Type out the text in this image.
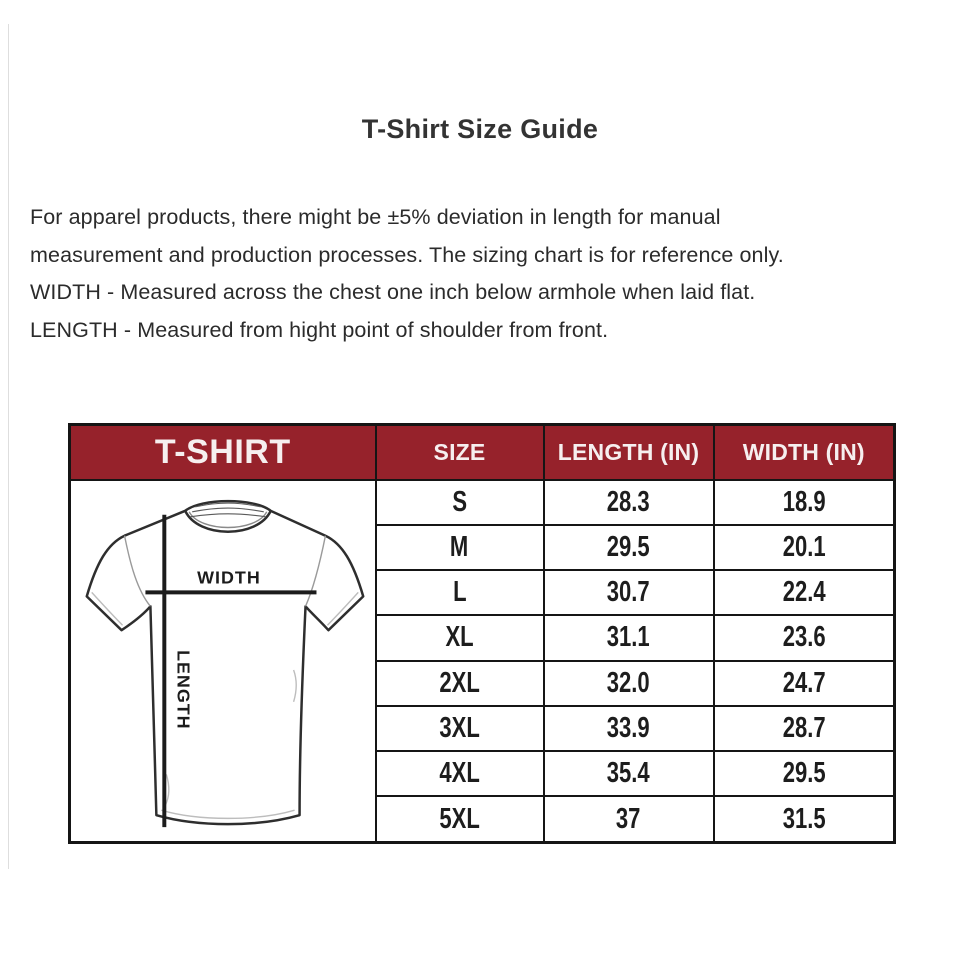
T-Shirt Size Guide
For apparel products, there might be ±5% deviation in length for manual measurement and production processes. The sizing chart is for reference only.
WIDTH - Measured across the chest one inch below armhole when laid flat.
LENGTH - Measured from hight point of shoulder from front.
T-SHIRT	SIZE	LENGTH (IN)	WIDTH (IN)

WIDTH
LENGTH	S	28.3	18.9
	M	29.5	20.1
	L	30.7	22.4
	XL	31.1	23.6
	2XL	32.0	24.7
	3XL	33.9	28.7
	4XL	35.4	29.5
	5XL	37	31.5
